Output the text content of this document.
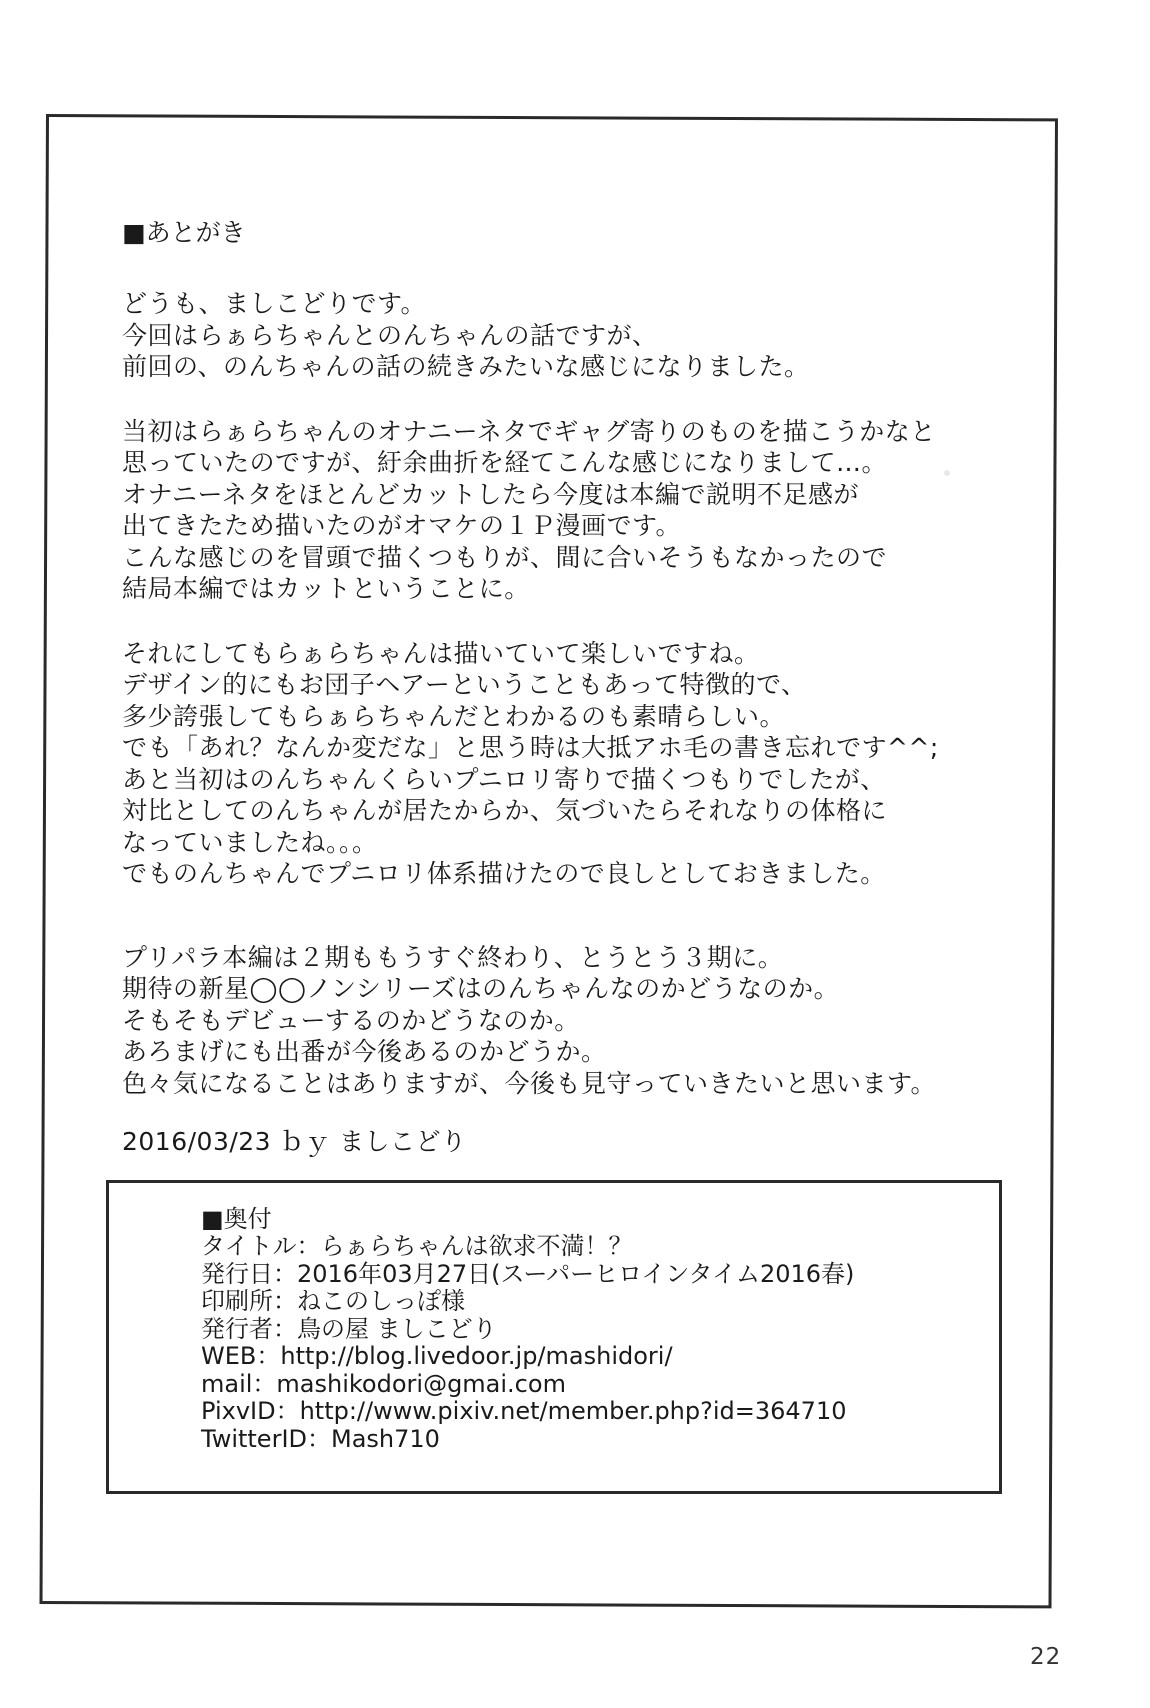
■あとがき
どうも、ましこどりです。
今回はらぁらちゃんとのんちゃんの話ですが、
前回の、のんちゃんの話の続きみたいな感じになりました。
当初はらぁらちゃんのオナニーネタでギャグ寄りのものを描こうかなと
思っていたのですが、紆余曲折を経てこんな感じになりまして…。
オナニーネタをほとんどカットしたら今度は本編で説明不足感が
出てきたため描いたのがオマケの１Ｐ漫画です。
こんな感じのを冒頭で描くつもりが、間に合いそうもなかったので
結局本編ではカットということに。
それにしてもらぁらちゃんは描いていて楽しいですね。
デザイン的にもお団子ヘアーということもあって特徴的で、
多少誇張してもらぁらちゃんだとわかるのも素晴らしい。
でも「あれ？なんか変だな」と思う時は大抵アホ毛の書き忘れです^^;
あと当初はのんちゃんくらいプニロリ寄りで描くつもりでしたが、
対比としてのんちゃんが居たからか、気づいたらそれなりの体格に
なっていましたね。。。
でものんちゃんでプニロリ体系描けたので良しとしておきました。
プリパラ本編は２期ももうすぐ終わり、とうとう３期に。
期待の新星◯◯ノンシリーズはのんちゃんなのかどうなのか。
そもそもデビューするのかどうなのか。
あろまげにも出番が今後あるのかどうか。
色々気になることはありますが、今後も見守っていきたいと思います。
2016/03/23 ｂｙ ましこどり
■奥付
タイトル：らぁらちゃんは欲求不満！？
発行日：2016年03月27日(スーパーヒロインタイム2016春)
印刷所：ねこのしっぽ様
発行者：鳥の屋 ましこどり
WEB：http://blog.livedoor.jp/mashidori/
mail：mashikodori@gmai.com
PixvID：http://www.pixiv.net/member.php?id=364710
TwitterID：Mash710
22
